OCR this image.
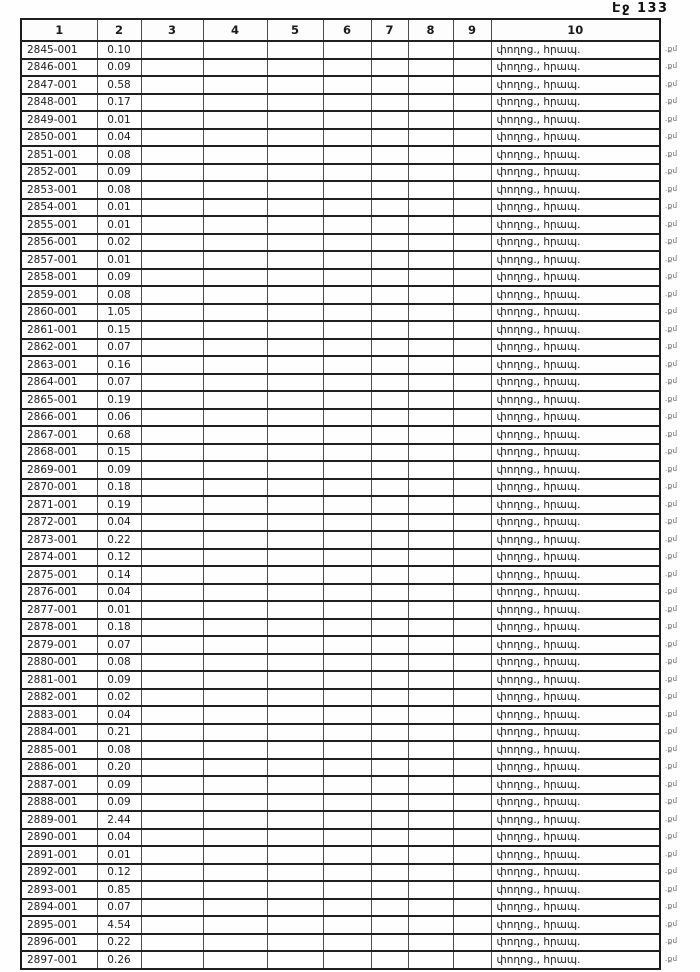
Էջ 133
1	2	3	4	5	6	7	8	9	10
2845-001	0.10								փողոց., հրապ.
2846-001	0.09								փողոց., հրապ.
2847-001	0.58								փողոց., հրապ.
2848-001	0.17								փողոց., հրապ.
2849-001	0.01								փողոց., հրապ.
2850-001	0.04								փողոց., հրապ.
2851-001	0.08								փողոց., հրապ.
2852-001	0.09								փողոց., հրապ.
2853-001	0.08								փողոց., հրապ.
2854-001	0.01								փողոց., հրապ.
2855-001	0.01								փողոց., հրապ.
2856-001	0.02								փողոց., հրապ.
2857-001	0.01								փողոց., հրապ.
2858-001	0.09								փողոց., հրապ.
2859-001	0.08								փողոց., հրապ.
2860-001	1.05								փողոց., հրապ.
2861-001	0.15								փողոց., հրապ.
2862-001	0.07								փողոց., հրապ.
2863-001	0.16								փողոց., հրապ.
2864-001	0.07								փողոց., հրապ.
2865-001	0.19								փողոց., հրապ.
2866-001	0.06								փողոց., հրապ.
2867-001	0.68								փողոց., հրապ.
2868-001	0.15								փողոց., հրապ.
2869-001	0.09								փողոց., հրապ.
2870-001	0.18								փողոց., հրապ.
2871-001	0.19								փողոց., հրապ.
2872-001	0.04								փողոց., հրապ.
2873-001	0.22								փողոց., հրապ.
2874-001	0.12								փողոց., հրապ.
2875-001	0.14								փողոց., հրապ.
2876-001	0.04								փողոց., հրապ.
2877-001	0.01								փողոց., հրապ.
2878-001	0.18								փողոց., հրապ.
2879-001	0.07								փողոց., հրապ.
2880-001	0.08								փողոց., հրապ.
2881-001	0.09								փողոց., հրապ.
2882-001	0.02								փողոց., հրապ.
2883-001	0.04								փողոց., հրապ.
2884-001	0.21								փողոց., հրապ.
2885-001	0.08								փողոց., հրապ.
2886-001	0.20								փողոց., հրապ.
2887-001	0.09								փողոց., հրապ.
2888-001	0.09								փողոց., հրապ.
2889-001	2.44								փողոց., հրապ.
2890-001	0.04								փողոց., հրապ.
2891-001	0.01								փողոց., հրապ.
2892-001	0.12								փողոց., հրապ.
2893-001	0.85								փողոց., հրապ.
2894-001	0.07								փողոց., հրապ.
2895-001	4.54								փողոց., հրապ.
2896-001	0.22								փողոց., հրապ.
2897-001	0.26								փողոց., հրապ.
.քմ
.քմ
.քմ
.քմ
.քմ
.քմ
.քմ
.քմ
.քմ
.քմ
.քմ
.քմ
.քմ
.քմ
.քմ
.քմ
.քմ
.քմ
.քմ
.քմ
.քմ
.քմ
.քմ
.քմ
.քմ
.քմ
.քմ
.քմ
.քմ
.քմ
.քմ
.քմ
.քմ
.քմ
.քմ
.քմ
.քմ
.քմ
.քմ
.քմ
.քմ
.քմ
.քմ
.քմ
.քմ
.քմ
.քմ
.քմ
.քմ
.քմ
.քմ
.քմ
.քմ
